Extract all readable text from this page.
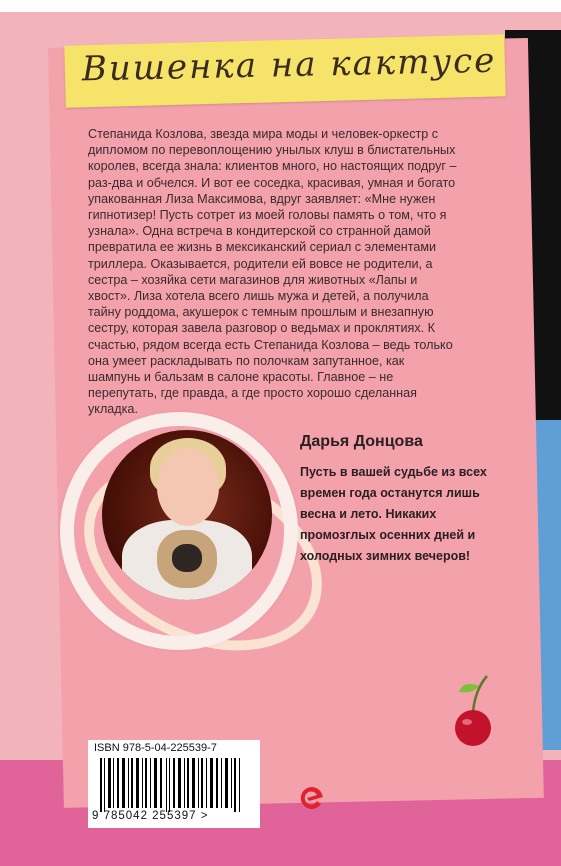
Вишенка на кактусе

Степанида Козлова, звезда мира моды и человек-оркестр с дипломом по перевоплощению унылых клуш в блистательных королев, всегда знала: клиентов много, но настоящих подруг – раз-два и обчелся. И вот ее соседка, красивая, умная и богато упакованная Лиза Максимова, вдруг заявляет: «Мне нужен гипнотизер! Пусть сотрет из моей головы память о том, что я узнала». Одна встреча в кондитерской со странной дамой превратила ее жизнь в мексиканский сериал с элементами триллера. Оказывается, родители ей вовсе не родители, а сестра – хозяйка сети магазинов для животных «Лапы и хвост». Лиза хотела всего лишь мужа и детей, а получила тайну роддома, акушерок с темным прошлым и внезапную сестру, которая завела разговор о ведьмах и проклятиях. К счастью, рядом всегда есть Степанида Козлова – ведь только она умеет раскладывать по полочкам запутанное, как шампунь и бальзам в салоне красоты. Главное – не перепутать, где правда, а где просто хорошо сделанная укладка.

Дарья Донцова
Пусть в вашей судьбе из всех времен года останутся лишь весна и лето. Никаких промозглых осенних дней и холодных зимних вечеров!
ISBN 978-5-04-225539-7
9 785042 255397 >
